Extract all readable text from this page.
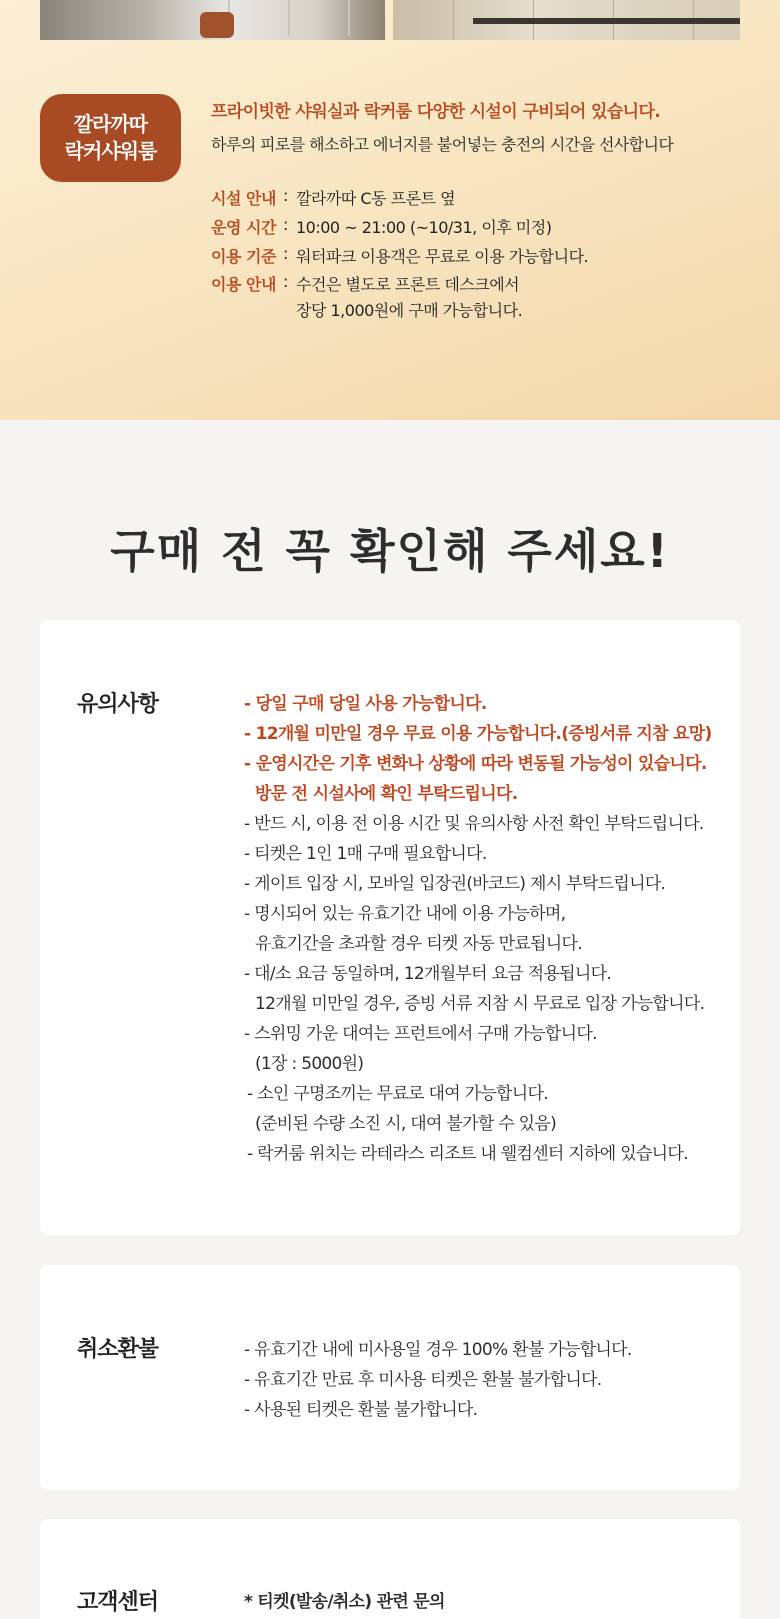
깔라까따
락커샤워룸
프라이빗한 샤워실과 락커룸 다양한 시설이 구비되어 있습니다.
하루의 피로를 해소하고 에너지를 불어넣는 충전의 시간을 선사합니다
시설 안내 : 깔라까따 C동 프론트 옆
운영 시간 : 10:00 ~ 21:00 (~10/31, 이후 미정)
이용 기준 : 워터파크 이용객은 무료로 이용 가능합니다.
이용 안내 : 수건은 별도로 프론트 데스크에서
장당 1,000원에 구매 가능합니다.
구매 전 꼭 확인해 주세요!
유의사항	- 당일 구매 당일 사용 가능합니다.
- 12개월 미만일 경우 무료 이용 가능합니다.(증빙서류 지참 요망)
- 운영시간은 기후 변화나 상황에 따라 변동될 가능성이 있습니다.
방문 전 시설사에 확인 부탁드립니다.
- 반드 시, 이용 전 이용 시간 및 유의사항 사전 확인 부탁드립니다.
- 티켓은 1인 1매 구매 필요합니다.
- 게이트 입장 시, 모바일 입장권(바코드) 제시 부탁드립니다.
- 명시되어 있는 유효기간 내에 이용 가능하며,
유효기간을 초과할 경우 티켓 자동 만료됩니다.
- 대/소 요금 동일하며, 12개월부터 요금 적용됩니다.
12개월 미만일 경우, 증빙 서류 지참 시 무료로 입장 가능합니다.
- 스위밍 가운 대여는 프런트에서 구매 가능합니다.
(1장 : 5000원)
- 소인 구명조끼는 무료로 대여 가능합니다.
(준비된 수량 소진 시, 대여 불가할 수 있음)
- 락커룸 위치는 라테라스 리조트 내 웰컴센터 지하에 있습니다.
취소환불	- 유효기간 내에 미사용일 경우 100% 환불 가능합니다.
- 유효기간 만료 후 미사용 티켓은 환불 불가합니다.
- 사용된 티켓은 환불 불가합니다.
고객센터	* 티켓(발송/취소) 관련 문의
